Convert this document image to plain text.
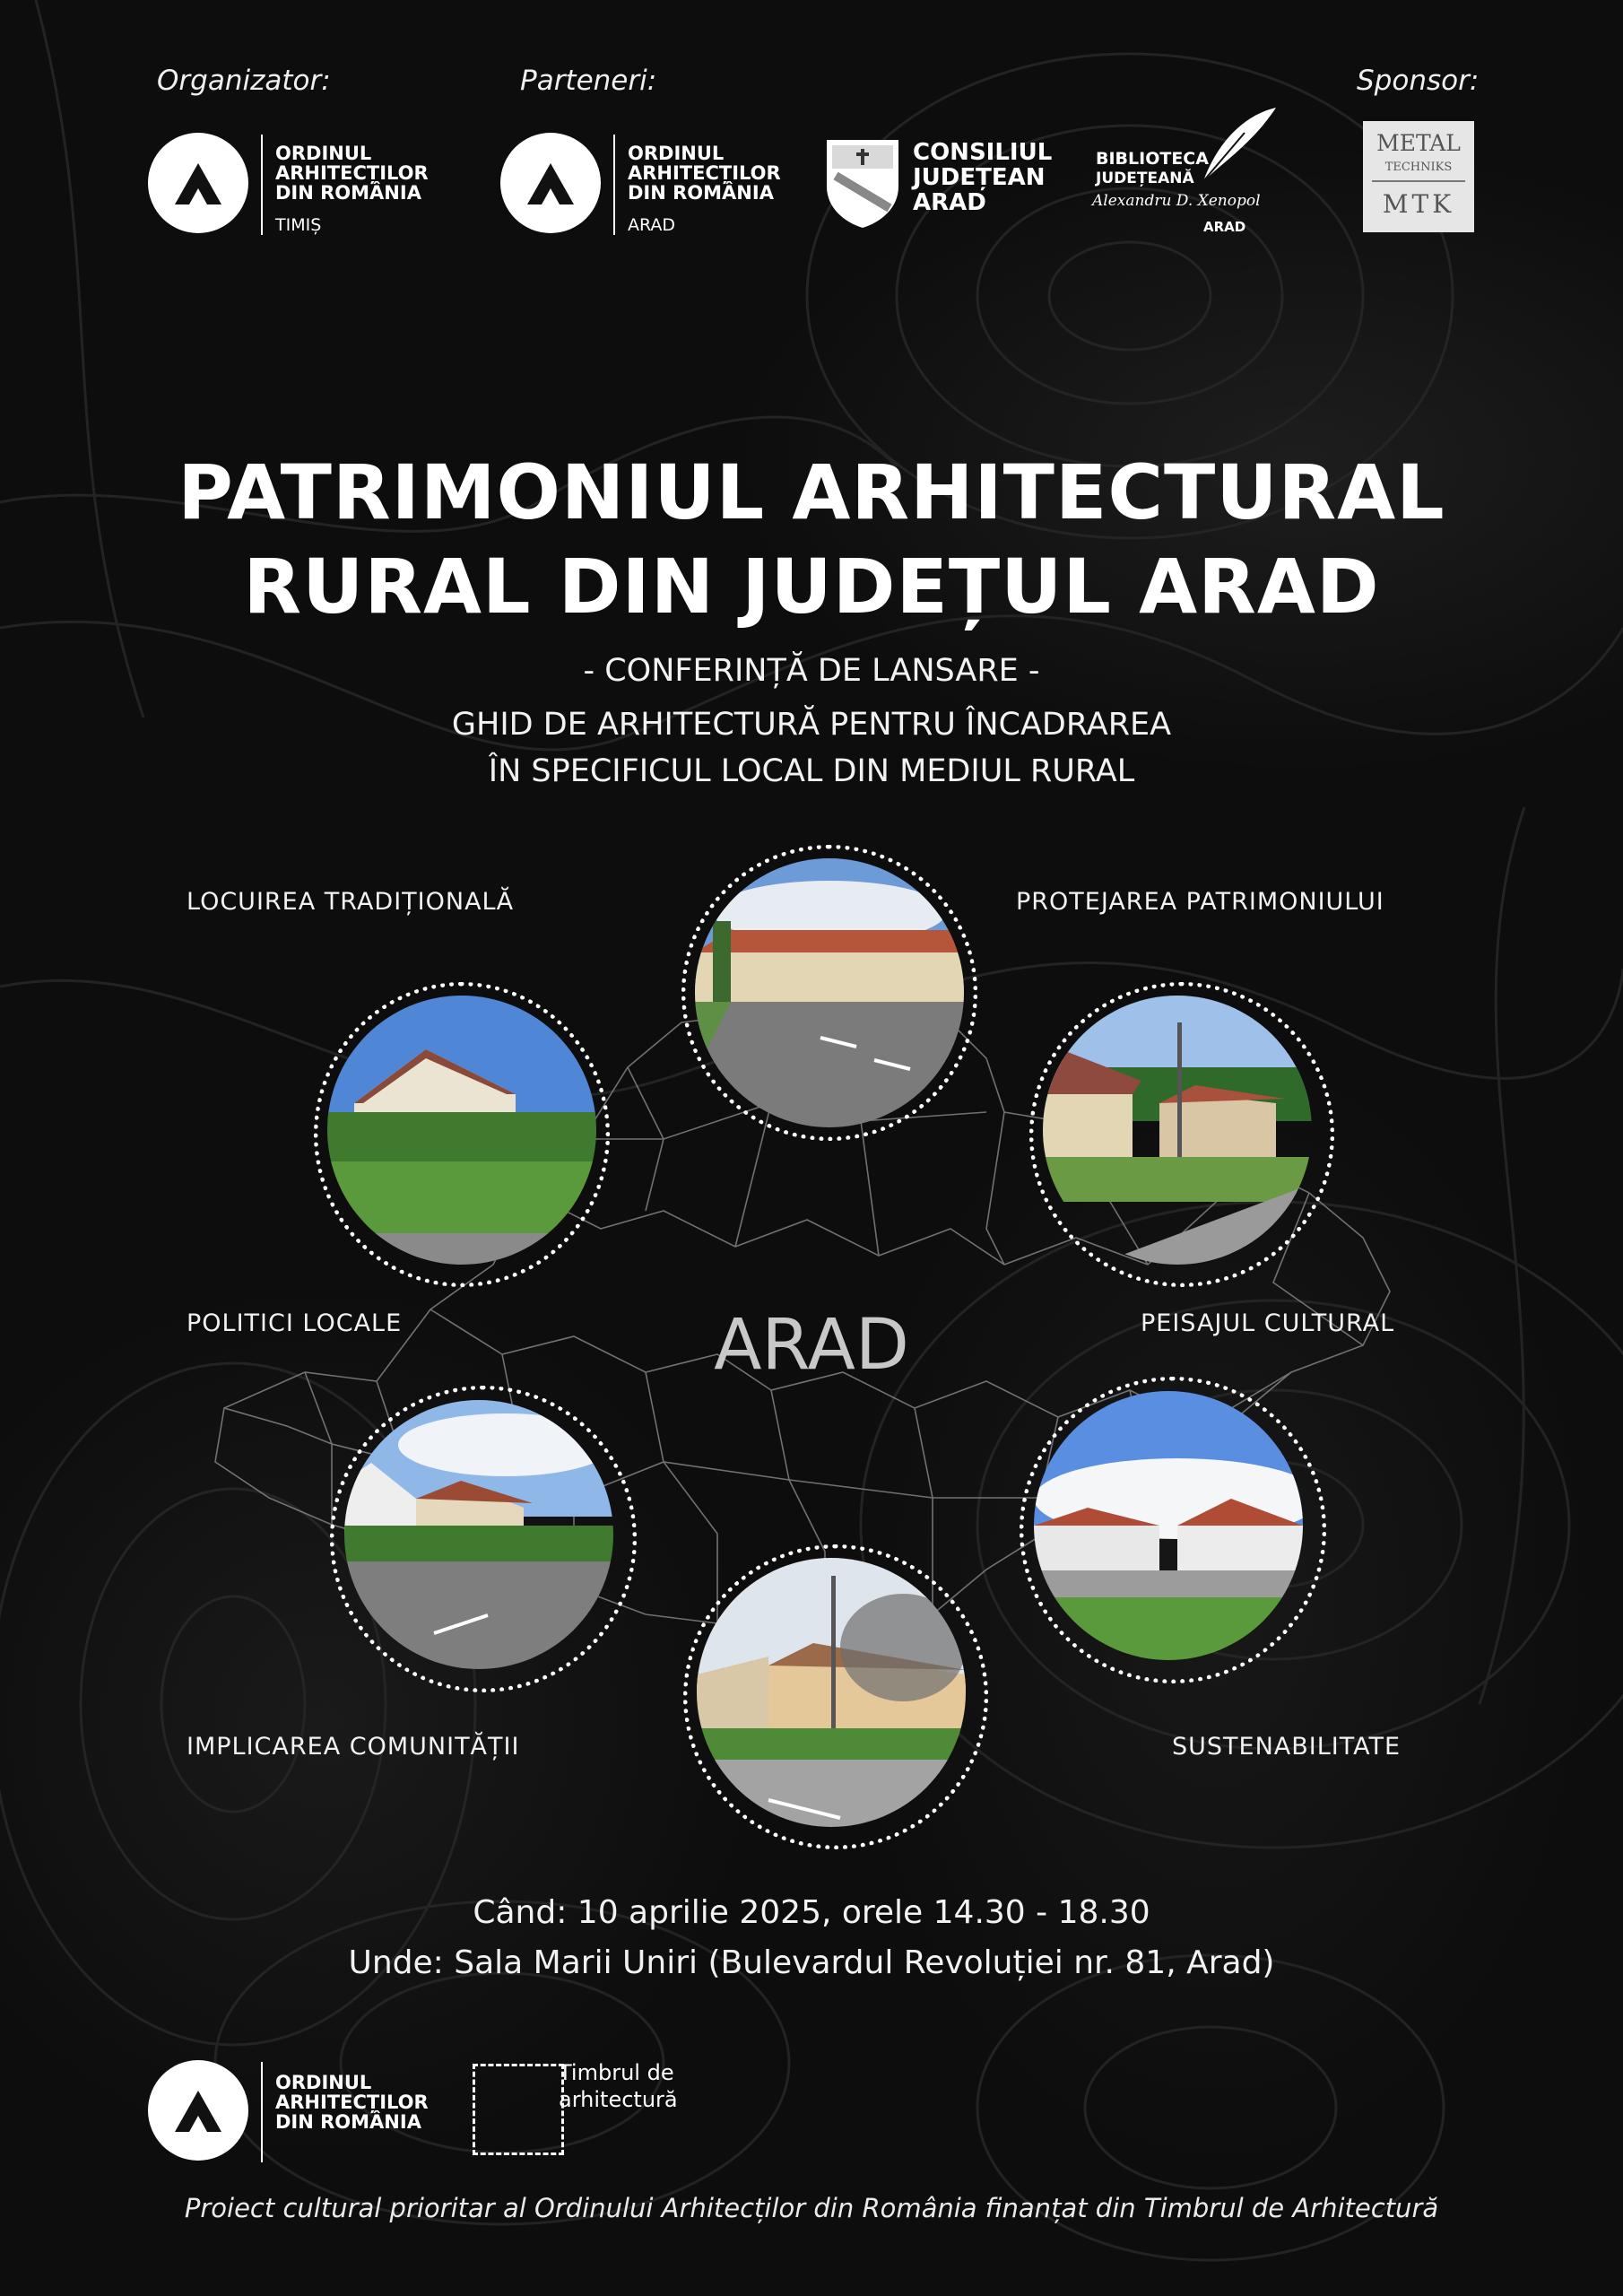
Organizator:	Parteneri:	Sponsor:
ORDINUL
ARHITECȚILOR
DIN ROMÂNIA
TIMIȘ
ORDINUL
ARHITECȚILOR
DIN ROMÂNIA
ARAD
CONSILIUL
JUDEȚEAN
ARAD
BIBLIOTECA
JUDEȚEANĂ
Alexandru D. Xenopol
ARAD
METAL
TECHNIKS
MTK
PATRIMONIUL ARHITECTURAL
RURAL DIN JUDEȚUL ARAD
- CONFERINȚĂ DE LANSARE -
GHID DE ARHITECTURĂ PENTRU ÎNCADRAREA
ÎN SPECIFICUL LOCAL DIN MEDIUL RURAL
ARAD
LOCUIREA TRADIȚIONALĂ	PROTEJAREA PATRIMONIULUI
POLITICI LOCALE	PEISAJUL CULTURAL
IMPLICAREA COMUNITĂȚII	SUSTENABILITATE
Când: 10 aprilie 2025, orele 14.30 - 18.30
Unde: Sala Marii Uniri (Bulevardul Revoluției nr. 81, Arad)
ORDINUL
ARHITECȚILOR
DIN ROMÂNIA
Timbrul de
arhitectură
Proiect cultural prioritar al Ordinului Arhitecților din România finanțat din Timbrul de Arhitectură
